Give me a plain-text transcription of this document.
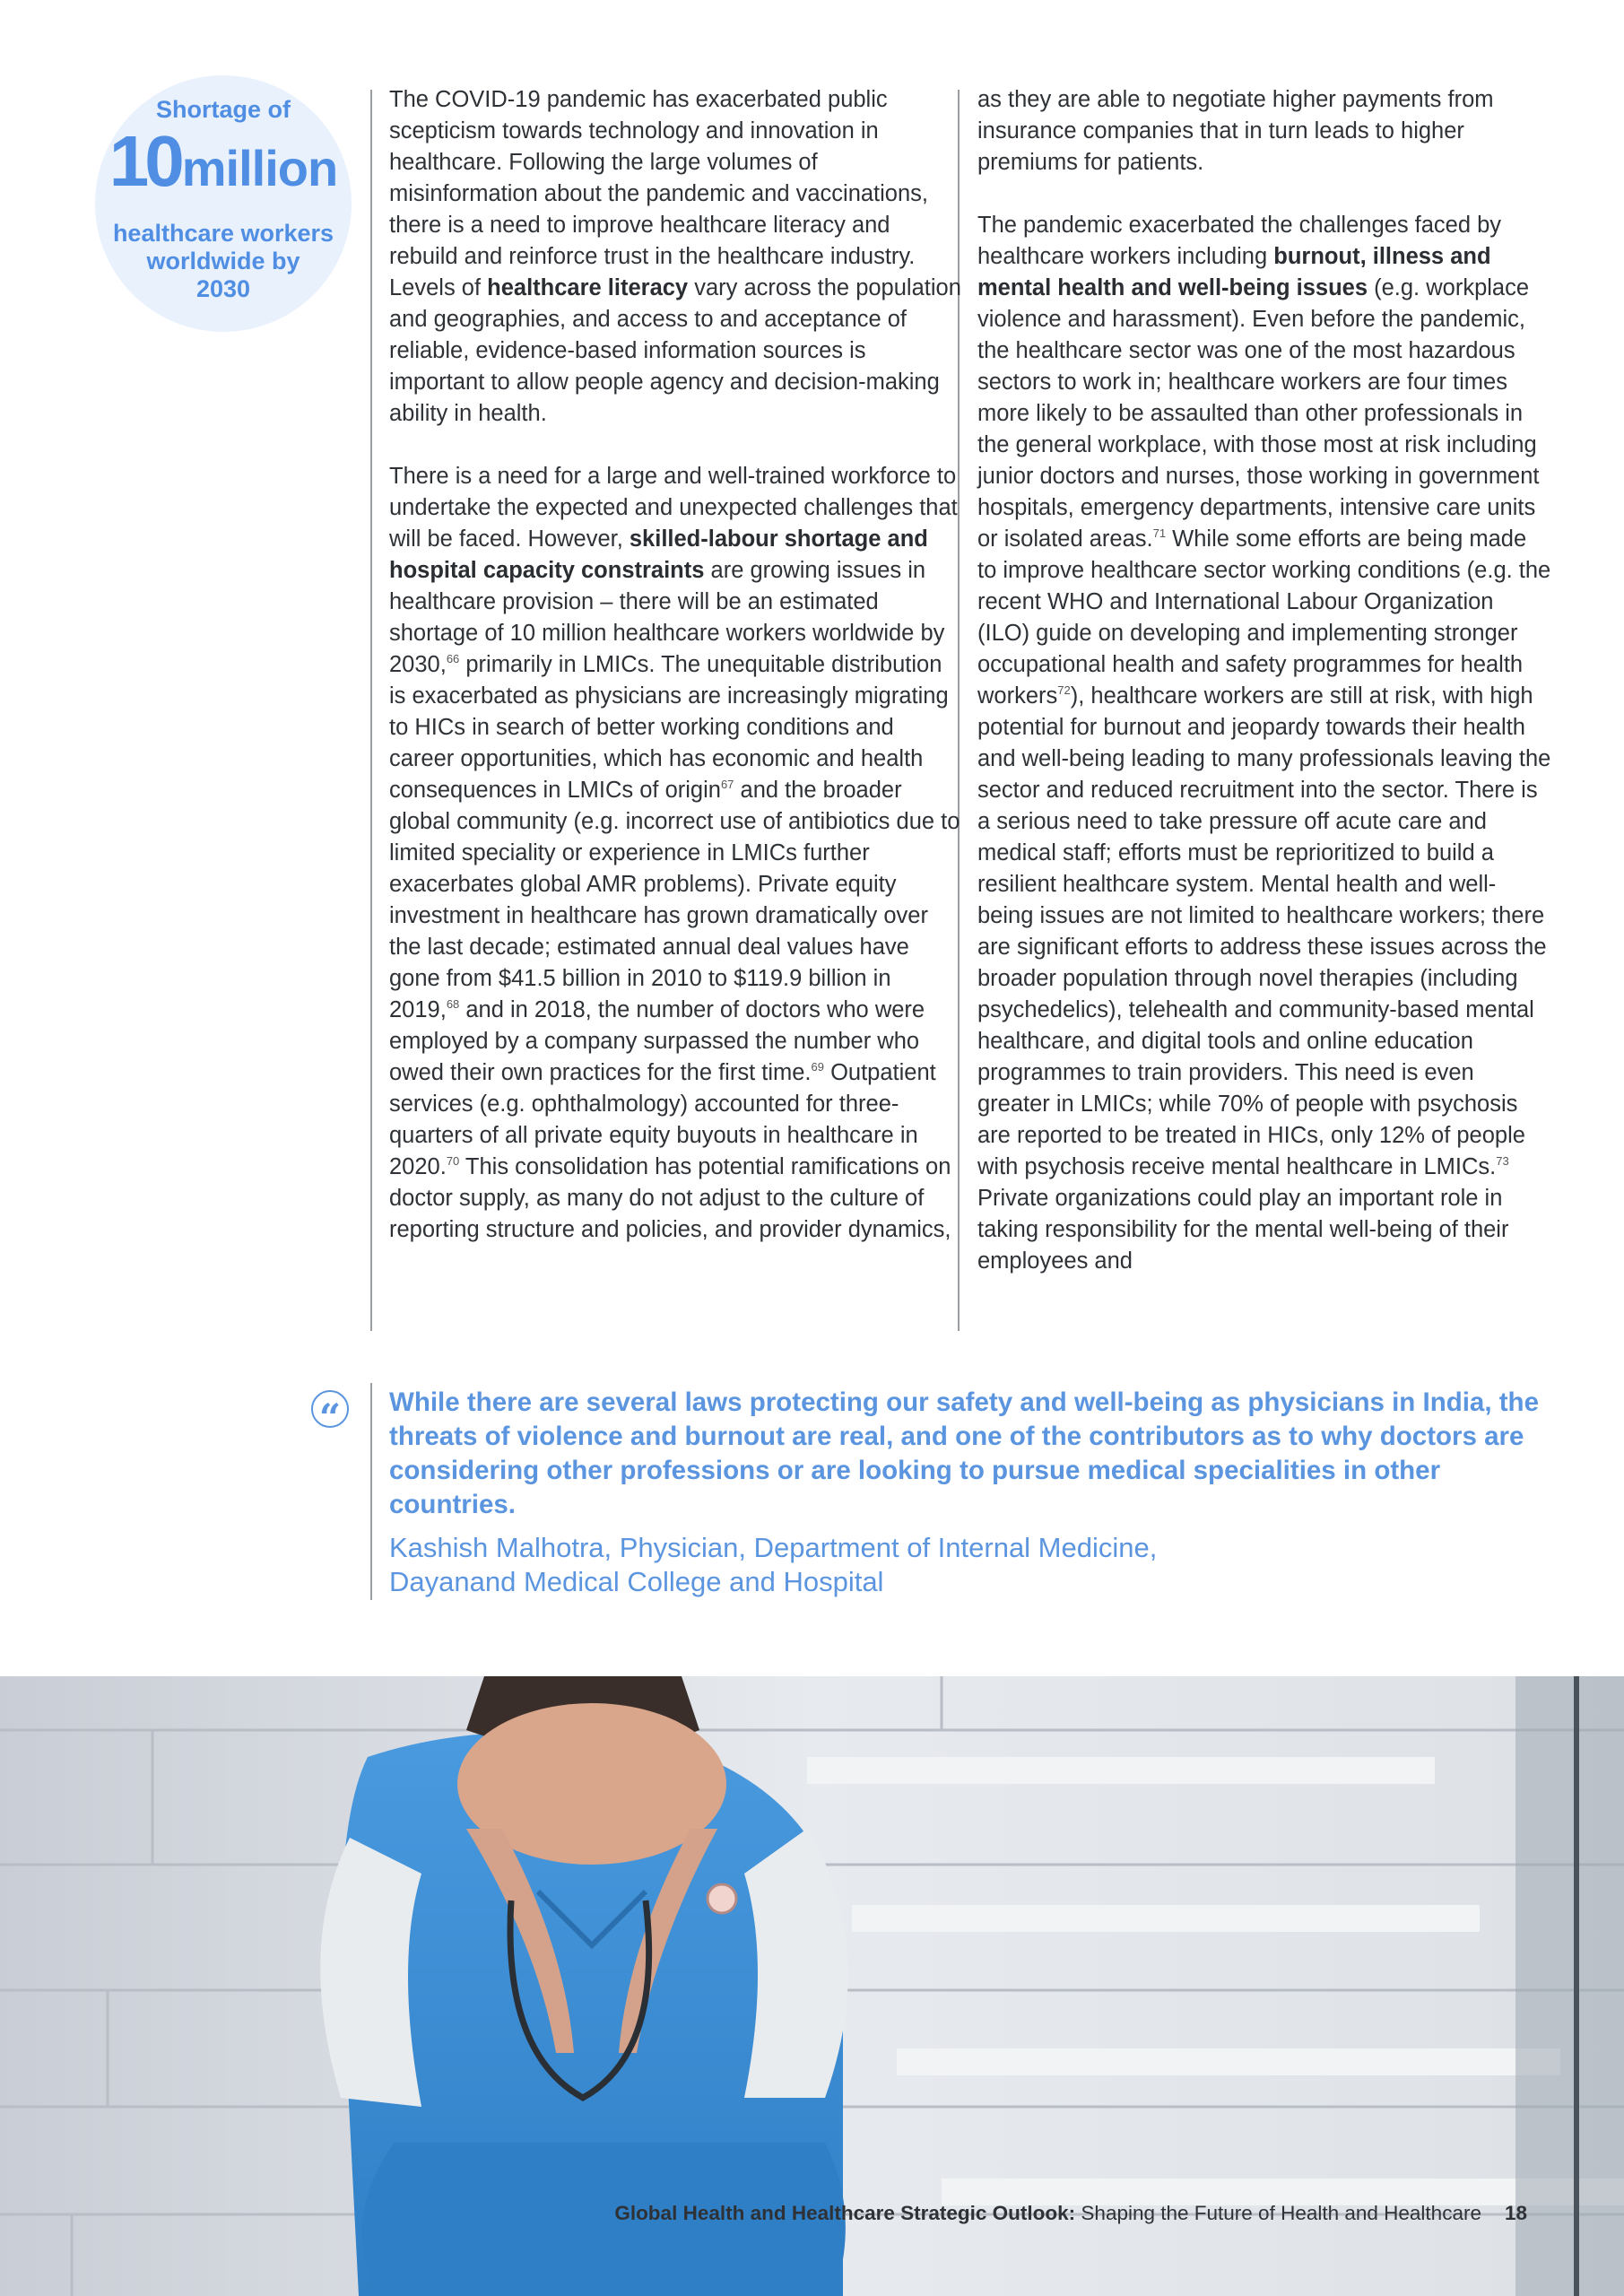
Shortage of
10million
healthcare workers
worldwide by
2030

The COVID-19 pandemic has exacerbated public scepticism towards technology and innovation in healthcare. Following the large volumes of misinformation about the pandemic and vaccinations, there is a need to improve healthcare literacy and rebuild and reinforce trust in the healthcare industry. Levels of healthcare literacy vary across the population and geographies, and access to and acceptance of reliable, evidence-based information sources is important to allow people agency and decision-making ability in health.

There is a need for a large and well-trained workforce to undertake the expected and unexpected challenges that will be faced. However, skilled-labour shortage and hospital capacity constraints are growing issues in healthcare provision – there will be an estimated shortage of 10 million healthcare workers worldwide by 2030,66 primarily in LMICs. The unequitable distribution is exacerbated as physicians are increasingly migrating to HICs in search of better working conditions and career opportunities, which has economic and health consequences in LMICs of origin$^{67}$ and the broader global community (e.g. incorrect use of antibiotics due to limited speciality or experience in LMICs further exacerbates global AMR problems). Private equity investment in healthcare has grown dramatically over the last decade; estimated annual deal values have gone from $41.5 billion in 2010 to $119.9 billion in 2019,68 and in 2018, the number of doctors who were employed by a company surpassed the number who owed their own practices for the first time.$^{69}$ Outpatient services (e.g. ophthalmology) accounted for three-quarters of all private equity buyouts in healthcare in 2020.70 This consolidation has potential ramifications on doctor supply, as many do not adjust to the culture of reporting structure and policies, and provider dynamics,

as they are able to negotiate higher payments from insurance companies that in turn leads to higher premiums for patients.

The pandemic exacerbated the challenges faced by healthcare workers including burnout, illness and mental health and well-being issues (e.g. workplace violence and harassment). Even before the pandemic, the healthcare sector was one of the most hazardous sectors to work in; healthcare workers are four times more likely to be assaulted than other professionals in the general workplace, with those most at risk including junior doctors and nurses, those working in government hospitals, emergency departments, intensive care units or isolated areas.$^{71}$ While some efforts are being made to improve healthcare sector working conditions (e.g. the recent WHO and International Labour Organization (ILO) guide on developing and implementing stronger occupational health and safety programmes for health workers$^{72}$), healthcare workers are still at risk, with high potential for burnout and jeopardy towards their health and well-being leading to many professionals leaving the sector and reduced recruitment into the sector. There is a serious need to take pressure off acute care and medical staff; efforts must be reprioritized to build a resilient healthcare system. Mental health and well-being issues are not limited to healthcare workers; there are significant efforts to address these issues across the broader population through novel therapies (including psychedelics), telehealth and community-based mental healthcare, and digital tools and online education programmes to train providers. This need is even greater in LMICs; while 70% of people with psychosis are reported to be treated in HICs, only 12% of people with psychosis receive mental healthcare in LMICs.$^{73}$ Private organizations could play an important role in taking responsibility for the mental well-being of their employees and

“	While there are several laws protecting our safety and well-being as physicians in India, the threats of violence and burnout are real, and one of the contributors as to why doctors are considering other professions or are looking to pursue medical specialities in other countries.

Kashish Malhotra, Physician, Department of Internal Medicine,
Dayanand Medical College and Hospital

Global Health and Healthcare Strategic Outlook: Shaping the Future of Health and Healthcare 18
